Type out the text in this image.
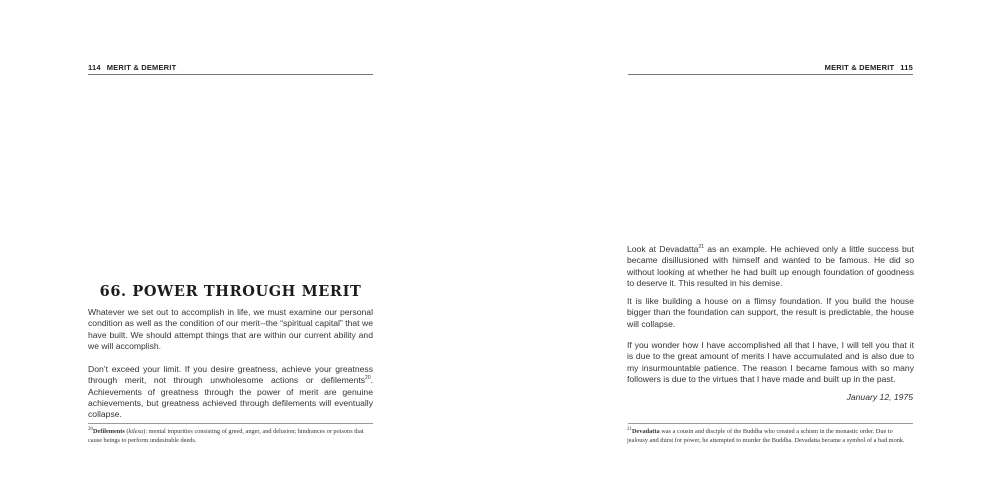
114 MERIT & DEMERIT
66. POWER THROUGH MERIT

Whatever we set out to accomplish in life, we must examine our personal condition as well as the condition of our merit--the “spiritual capital” that we have built. We should attempt things that are within our current ability and we will accomplish.

Don’t exceed your limit. If you desire greatness, achieve your greatness through merit, not through unwholesome actions or defilements$^{20}$. Achievements of greatness through the power of merit are genuine achievements, but greatness achieved through defilements will eventually collapse.

$^{20}$Defilements (kilesa): mental impurities consisting of greed, anger, and delusion; hindrances or poisons that cause beings to perform undesirable deeds.

MERIT & DEMERIT 115

Look at Devadatta$^{21}$ as an example. He achieved only a little success but became disillusioned with himself and wanted to be famous. He did so without looking at whether he had built up enough foundation of goodness to deserve it. This resulted in his demise.

It is like building a house on a flimsy foundation. If you build the house bigger than the foundation can support, the result is predictable, the house will collapse.

If you wonder how I have accomplished all that I have, I will tell you that it is due to the great amount of merits I have accumulated and is also due to my insurmountable patience. The reason I became famous with so many followers is due to the virtues that I have made and built up in the past.

January 12, 1975

$^{21}$Devadatta was a cousin and disciple of the Buddha who created a schism in the monastic order. Due to jealousy and thirst for power, he attempted to murder the Buddha. Devadatta became a symbol of a bad monk.
